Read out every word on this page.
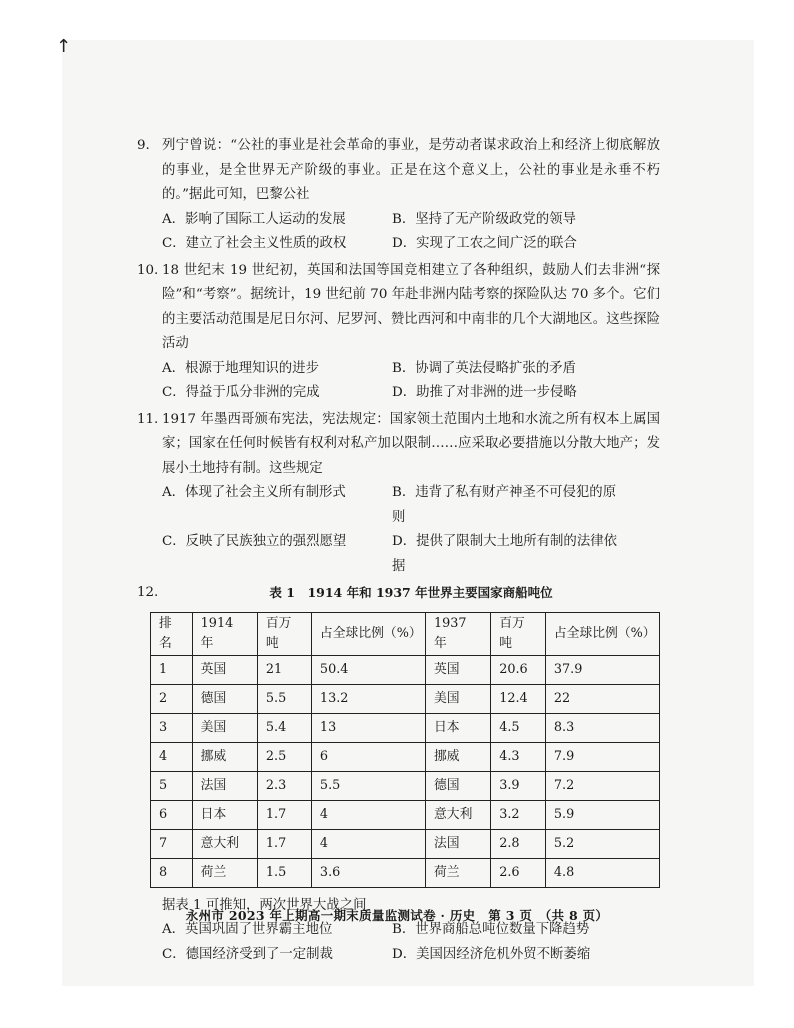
↑
9. 列宁曾说：“公社的事业是社会革命的事业，是劳动者谋求政治上和经济上彻底解放的事业，是全世界无产阶级的事业。正是在这个意义上，公社的事业是永垂不朽的。”据此可知，巴黎公社
A．影响了国际工人运动的发展	B．坚持了无产阶级政党的领导
C．建立了社会主义性质的政权	D．实现了工农之间广泛的联合
10. 18 世纪末 19 世纪初，英国和法国等国竞相建立了各种组织，鼓励人们去非洲“探险”和“考察”。据统计，19 世纪前 70 年赴非洲内陆考察的探险队达 70 多个。它们的主要活动范围是尼日尔河、尼罗河、赞比西河和中南非的几个大湖地区。这些探险活动
A．根源于地理知识的进步	B．协调了英法侵略扩张的矛盾
C．得益于瓜分非洲的完成	D．助推了对非洲的进一步侵略
11. 1917 年墨西哥颁布宪法，宪法规定：国家领土范围内土地和水流之所有权本上属国家；国家在任何时候皆有权利对私产加以限制……应采取必要措施以分散大地产；发展小土地持有制。这些规定
A．体现了社会主义所有制形式	B．违背了私有财产神圣不可侵犯的原则
C．反映了民族独立的强烈愿望	D．提供了限制大土地所有制的法律依据
12.	表 1　1914 年和 1937 年世界主要国家商船吨位
排名	1914 年	百万吨	占全球比例（%）	1937 年	百万吨	占全球比例（%）
1	英国	21	50.4	英国	20.6	37.9
2	德国	5.5	13.2	美国	12.4	22
3	美国	5.4	13	日本	4.5	8.3
4	挪威	2.5	6	挪威	4.3	7.9
5	法国	2.3	5.5	德国	3.9	7.2
6	日本	1.7	4	意大利	3.2	5.9
7	意大利	1.7	4	法国	2.8	5.2
8	荷兰	1.5	3.6	荷兰	2.6	4.8
据表 1 可推知，两次世界大战之间
A．英国巩固了世界霸主地位	B．世界商船总吨位数量下降趋势
C．德国经济受到了一定制裁	D．美国因经济危机外贸不断萎缩
永州市 2023 年上期高一期末质量监测试卷 · 历史　第 3 页　（共 8 页）
